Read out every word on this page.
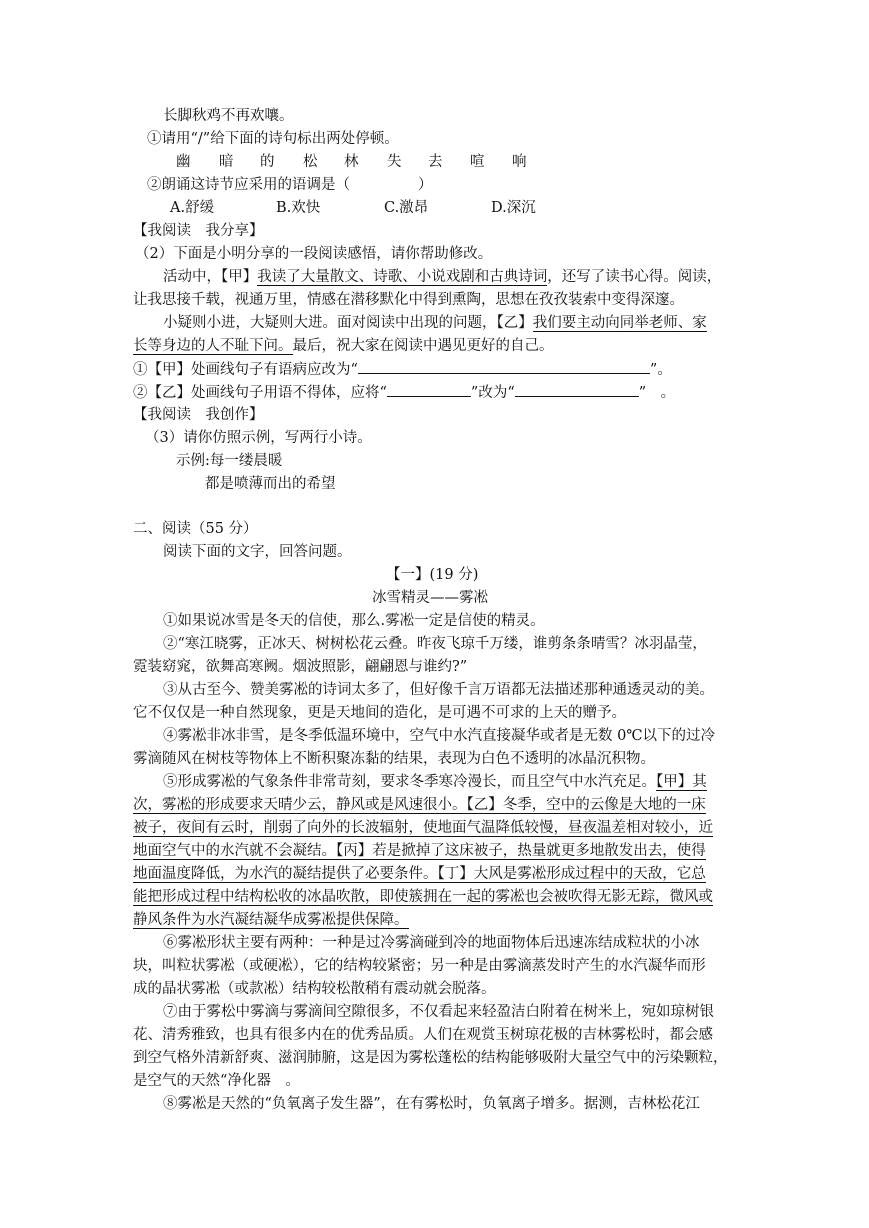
长脚秋鸡不再欢嚷。
①请用“/”给下面的诗句标出两处停顿。
幽 暗 的 松 林 失 去 喧 响
②朗诵这诗节应采用的语调是（	）
A.舒缓	B.欢快	C.激昂	D.深沉
【我阅读　我分享】
（2）下面是小明分享的一段阅读感悟，请你帮助修改。
活动中，【甲】我读了大量散文、诗歌、小说戏剧和古典诗词，还写了读书心得。阅读，
让我思接千载，视通万里，情感在潜移默化中得到熏陶，思想在孜孜装索中变得深邃。
小疑则小进，大疑则大进。面对阅读中出现的问题，【乙】我们要主动向同举老师、家
长等身边的人不耻下问。最后，祝大家在阅读中遇见更好的自己。
①【甲】处画线句子有语病应改为“	”。
②【乙】处画线句子用语不得体，应将“	”改为“	”　。
【我阅读　我创作】
（3）请你仿照示例，写两行小诗。
示例:每一缕晨暖
都是喷薄而出的希望
二、阅读（55 分）
阅读下面的文字，回答问题。
【一】(19 分)
冰雪精灵——雾凇
①如果说冰雪是冬天的信使，那么.雾凇一定是信使的精灵。
②“寒江晓雾，正冰天、树树松花云叠。昨夜飞琼千万缕，谁剪条条晴雪？冰羽晶莹，
霓装窈窕，欲舞高寒阙。烟波照影，翩翩恩与谁约?”
③从古至今、赞美雾凇的诗词太多了，但好像千言万语都无法描述那种通透灵动的美。
它不仅仅是一种自然现象，更是天地间的造化，是可遇不可求的上天的赠予。
④雾凇非冰非雪，是冬季低温环境中，空气中水汽直接凝华或者是无数 0℃以下的过冷
雾滴随风在树枝等物体上不断积聚冻黏的结果，表现为白色不透明的冰晶沉积物。
⑤形成雾凇的气象条件非常苛刻，要求冬季寒冷漫长，而且空气中水汽充足。【甲】其
次，雾凇的形成要求天晴少云，静风或是风速很小。【乙】冬季，空中的云像是大地的一床
被子，夜间有云时，削弱了向外的长波辐射，使地面气温降低较慢，昼夜温差相对较小，近
地面空气中的水汽就不会凝结。【丙】若是掀掉了这床被子，热量就更多地散发出去，使得
地面温度降低，为水汽的凝结提供了必要条件。【丁】大风是雾凇形成过程中的天敌，它总
能把形成过程中结构松收的冰晶吹散，即使簇拥在一起的雾凇也会被吹得无影无踪，微风或
静风条件为水汽凝结凝华成雾凇提供保障。
⑥雾凇形状主要有两种：一种是过冷雾滴碰到冷的地面物体后迅速冻结成粒状的小冰
块，叫粒状雾凇（或硬凇），它的结构较紧密；另一种是由雾滴蒸发时产生的水汽凝华而形
成的晶状雾凇（或款凇）结构较松散稍有震动就会脱落。
⑦由于雾松中雾滴与雾滴间空隙很多，不仅看起来轻盈洁白附着在树米上，宛如琼树银
花、清秀雅致，也具有很多内在的优秀品质。人们在观赏玉树琼花极的吉林雾松时，都会感
到空气格外清新舒爽、滋润肺腑，这是因为雾松蓬松的结构能够吸附大量空气中的污染颗粒，
是空气的天然“净化器　。
⑧雾凇是天然的“负氧离子发生器”，在有雾松时，负氧离子增多。据测，吉林松花江
